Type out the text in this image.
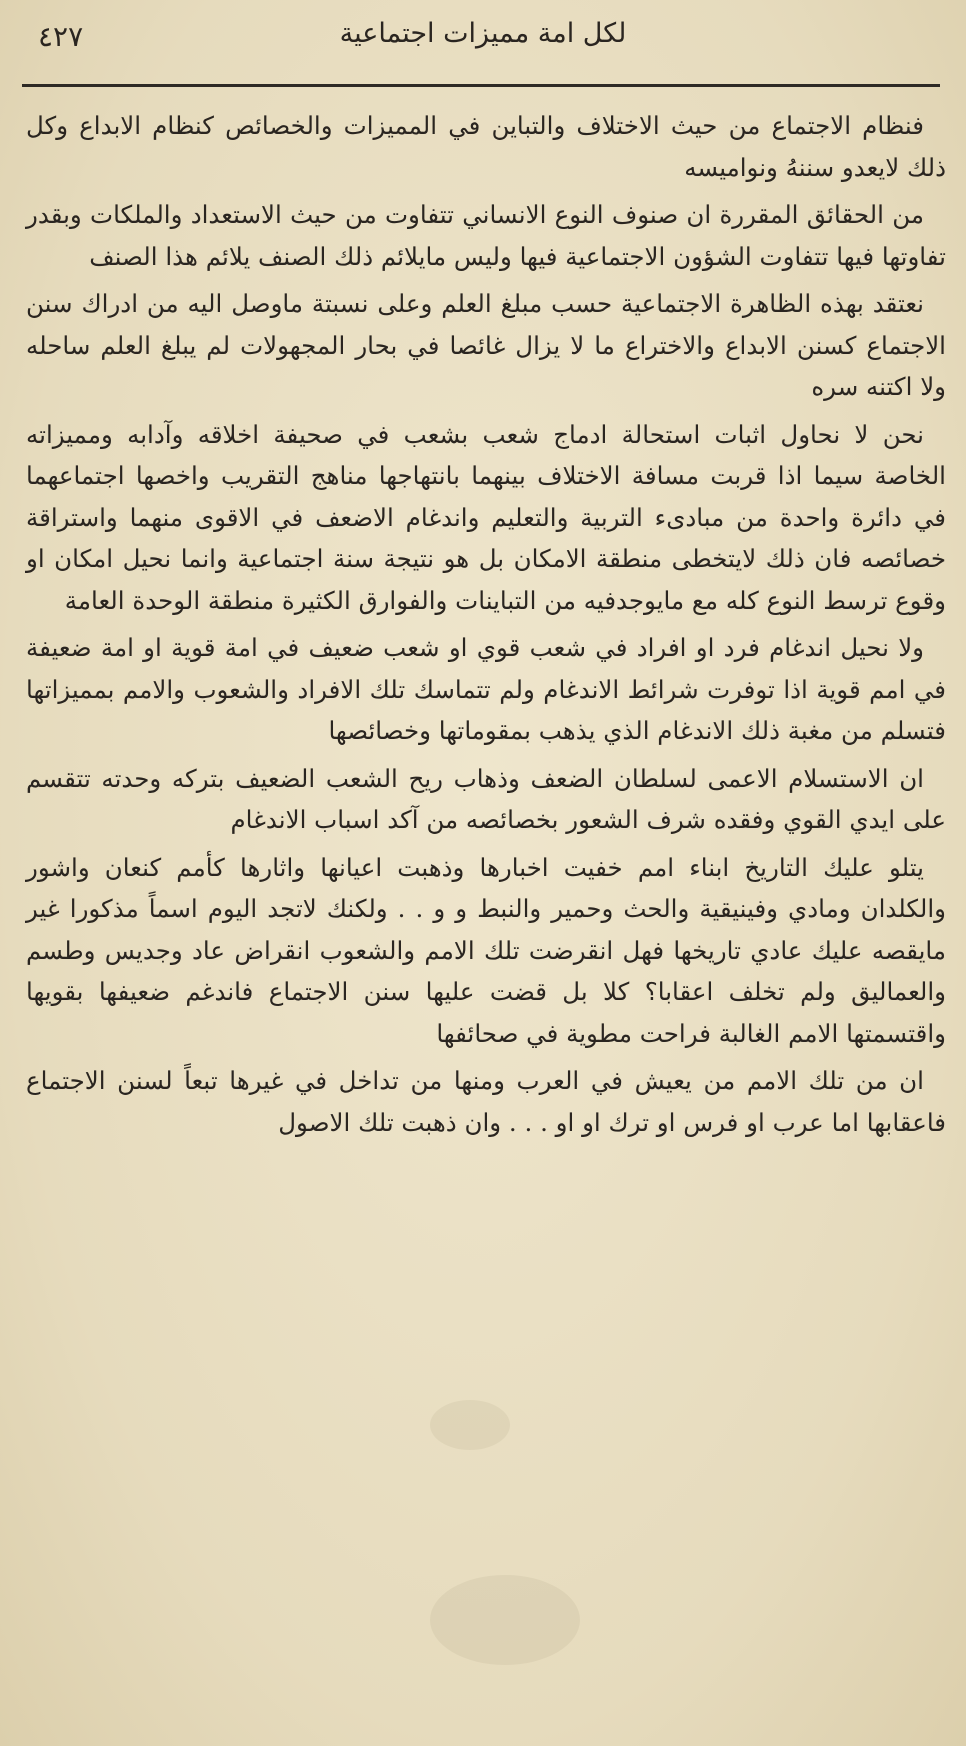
لكل امة مميزات اجتماعية
٤٢٧

فنظام الاجتماع من حيث الاختلاف والتباين في المميزات والخصائص كنظام الابداع وكل ذلك لايعدو سننهُ ونواميسه

من الحقائق المقررة ان صنوف النوع الانساني تتفاوت من حيث الاستعداد والملكات وبقدر تفاوتها فيها تتفاوت الشؤون الاجتماعية فيها وليس مايلائم ذلك الصنف يلائم هذا الصنف

نعتقد بهذه الظاهرة الاجتماعية حسب مبلغ العلم وعلى نسبتة ماوصل اليه من ادراك سنن الاجتماع كسنن الابداع والاختراع ما لا يزال غائصا في بحار المجهولات لم يبلغ العلم ساحله ولا اكتنه سره

نحن لا نحاول اثبات استحالة ادماج شعب بشعب في صحيفة اخلاقه وآدابه ومميزاته الخاصة سيما اذا قربت مسافة الاختلاف بينهما بانتهاجها مناهج التقريب واخصها اجتماعهما في دائرة واحدة من مبادىء التربية والتعليم واندغام الاضعف في الاقوى منهما واستراقة خصائصه فان ذلك لايتخطى منطقة الامكان بل هو نتيجة سنة اجتماعية وانما نحيل امكان او وقوع ترسط النوع كله مع مايوجدفيه من التباينات والفوارق الكثيرة منطقة الوحدة العامة

ولا نحيل اندغام فرد او افراد في شعب قوي او شعب ضعيف في امة قوية او امة ضعيفة في امم قوية اذا توفرت شرائط الاندغام ولم تتماسك تلك الافراد والشعوب والامم بمميزاتها فتسلم من مغبة ذلك الاندغام الذي يذهب بمقوماتها وخصائصها

ان الاستسلام الاعمى لسلطان الضعف وذهاب ريح الشعب الضعيف بتركه وحدته تتقسم على ايدي القوي وفقده شرف الشعور بخصائصه من آكد اسباب الاندغام

يتلو عليك التاريخ ابناء امم خفيت اخبارها وذهبت اعيانها واثارها كأمم كنعان واشور والكلدان ومادي وفينيقية والحث وحمير والنبط و و . . ولكنك لاتجد اليوم اسماً مذكورا غير مايقصه عليك عادي تاريخها فهل انقرضت تلك الامم والشعوب انقراض عاد وجديس وطسم والعماليق ولم تخلف اعقابا؟ كلا بل قضت عليها سنن الاجتماع فاندغم ضعيفها بقويها واقتسمتها الامم الغالبة فراحت مطوية في صحائفها

ان من تلك الامم من يعيش في العرب ومنها من تداخل في غيرها تبعاً لسنن الاجتماع فاعقابها اما عرب او فرس او ترك او او . . . وان ذهبت تلك الاصول
